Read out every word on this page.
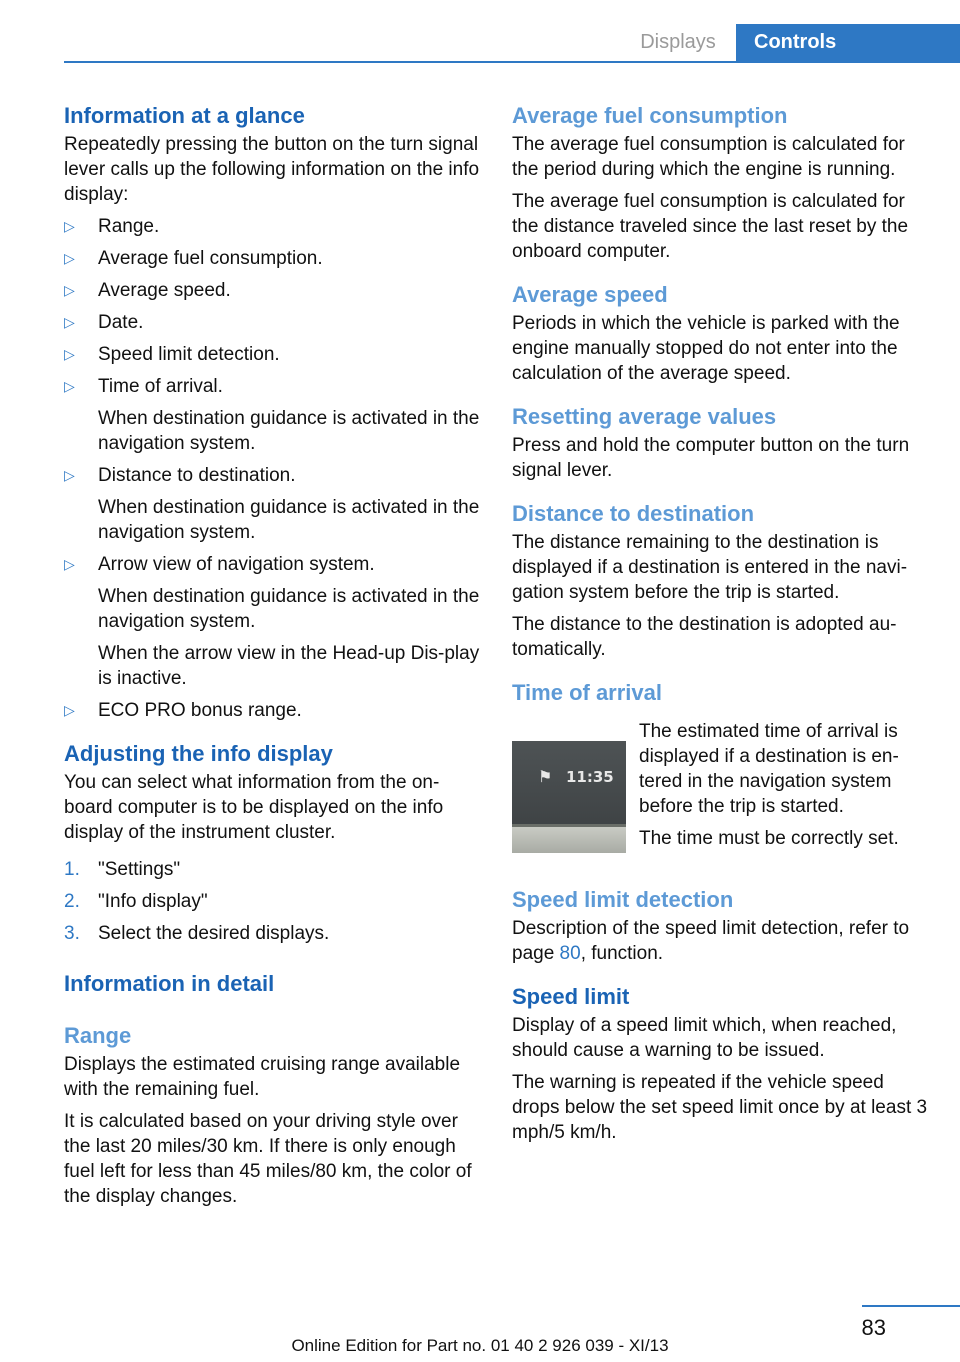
Displays	Controls
Information at a glance

Repeatedly pressing the button on the turn signal lever calls up the following information on the info display:

▷ Range.
▷ Average fuel consumption.
▷ Average speed.
▷ Date.
▷ Speed limit detection.
▷ Time of arrival.
When destination guidance is activated in the navigation system.
▷ Distance to destination.
When destination guidance is activated in the navigation system.
▷ Arrow view of navigation system.
When destination guidance is activated in the navigation system.
When the arrow view in the Head-up Dis-play is inactive.
▷ ECO PRO bonus range.
Adjusting the info display

You can select what information from the on-board computer is to be displayed on the info display of the instrument cluster.

1. "Settings"
2. "Info display"
3. Select the desired displays.
Information in detail
Range

Displays the estimated cruising range available with the remaining fuel.

It is calculated based on your driving style over the last 20 miles/30 km. If there is only enough fuel left for less than 45 miles/80 km, the color of the display changes.

Average fuel consumption

The average fuel consumption is calculated for the period during which the engine is running.

The average fuel consumption is calculated for the distance traveled since the last reset by the onboard computer.

Average speed

Periods in which the vehicle is parked with the engine manually stopped do not enter into the calculation of the average speed.

Resetting average values

Press and hold the computer button on the turn signal lever.

Distance to destination

The distance remaining to the destination is displayed if a destination is entered in the navi-gation system before the trip is started.

The distance to the destination is adopted au-tomatically.

Time of arrival
⚑ 11:35

The estimated time of arrival is displayed if a destination is en-tered in the navigation system before the trip is started.

The time must be correctly set.

Speed limit detection

Description of the speed limit detection, refer to page 80, function.

Speed limit

Display of a speed limit which, when reached, should cause a warning to be issued.

The warning is repeated if the vehicle speed drops below the set speed limit once by at least 3 mph/5 km/h.

83
Online Edition for Part no. 01 40 2 926 039 - XI/13
